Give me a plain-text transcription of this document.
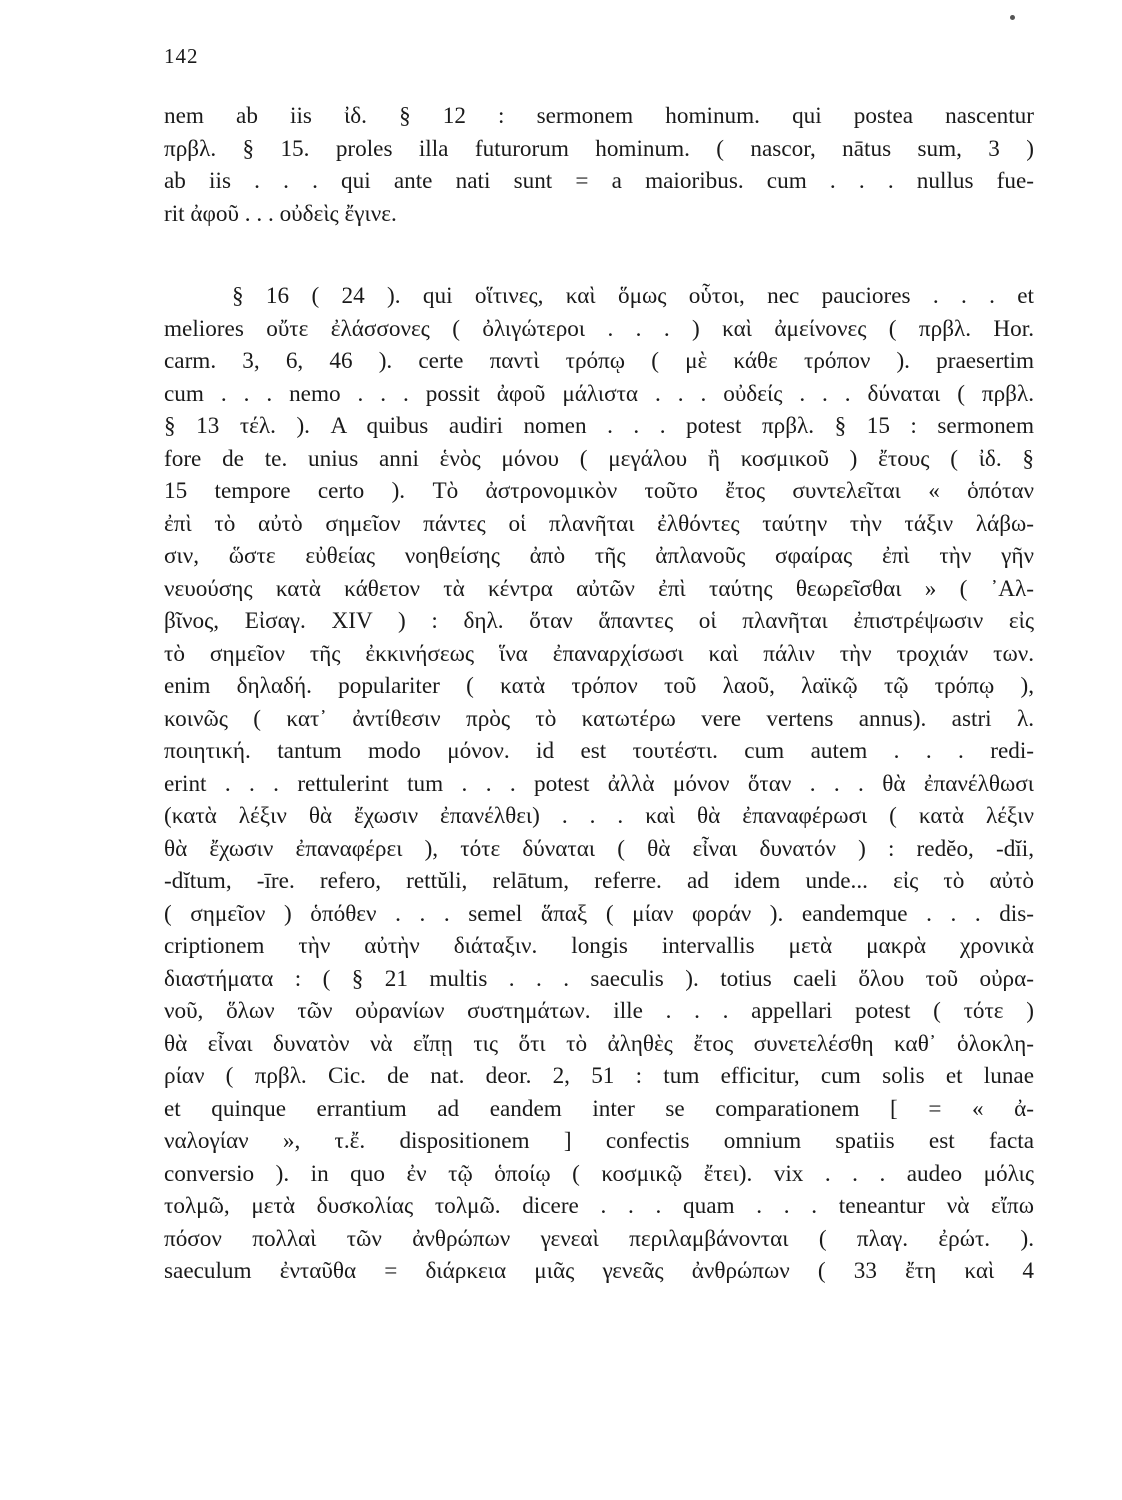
142
nem ab iis ἰδ. § 12 : sermonem hominum. qui postea nascentur
πρβλ. § 15. proles illa futurorum hominum. ( nascor, nātus sum, 3 )
ab iis . . . qui ante nati sunt = a maioribus. cum . . . nullus fue-
rit ἀφοῦ . . . οὐδεὶς ἔγινε.
§ 16 ( 24 ). qui οἵτινες, καὶ ὅμως οὗτοι, nec pauciores . . . et
meliores οὔτε ἐλάσσονες ( ὀλιγώτεροι . . . ) καὶ ἀμείνονες ( πρβλ. Hor.
carm. 3, 6, 46 ). certe παντὶ τρόπῳ ( μὲ κάθε τρόπον ). praesertim
cum . . . nemo . . . possit ἀφοῦ μάλιστα . . . οὐδείς . . . δύναται ( πρβλ.
§ 13 τέλ. ). A quibus audiri nomen . . . potest πρβλ. § 15 : sermonem
fore de te. unius anni ἑνὸς μόνου ( μεγάλου ἢ κοσμικοῦ ) ἔτους ( ἰδ. §
15 tempore certo ). Τὸ ἀστρονομικὸν τοῦτο ἔτος συντελεῖται « ὁπόταν
ἐπὶ τὸ αὐτὸ σημεῖον πάντες οἱ πλανῆται ἐλθόντες ταύτην τὴν τάξιν λάβω-
σιν, ὥστε εὐθείας νοηθείσης ἀπὸ τῆς ἀπλανοῦς σφαίρας ἐπὶ τὴν γῆν
νευούσης κατὰ κάθετον τὰ κέντρα αὐτῶν ἐπὶ ταύτης θεωρεῖσθαι » ( ᾿Αλ-
βῖνος, Εἰσαγ. XIV ) : δηλ. ὅταν ἅπαντες οἱ πλανῆται ἐπιστρέψωσιν εἰς
τὸ σημεῖον τῆς ἐκκινήσεως ἵνα ἐπαναρχίσωσι καὶ πάλιν τὴν τροχιάν των.
enim δηλαδή. populariter ( κατὰ τρόπον τοῦ λαοῦ, λαϊκῷ τῷ τρόπῳ ),
κοινῶς ( κατ᾿ ἀντίθεσιν πρὸς τὸ κατωτέρω vere vertens annus). astri λ.
ποιητική. tantum modo μόνον. id est τουτέστι. cum autem . . . redi-
erint . . . rettulerint tum . . . potest ἀλλὰ μόνον ὅταν . . . θὰ ἐπανέλθωσι
(κατὰ λέξιν θὰ ἔχωσιν ἐπανέλθει) . . . καὶ θὰ ἐπαναφέρωσι ( κατὰ λέξιν
θὰ ἔχωσιν ἐπαναφέρει ), τότε δύναται ( θὰ εἶναι δυνατόν ) : redĕo, -dĭi,
-dĭtum, -īre. refero, rettŭli, relātum, referre. ad idem unde... εἰς τὸ αὐτὸ
( σημεῖον ) ὁπόθεν . . . semel ἅπαξ ( μίαν φοράν ). eandemque . . . dis-
criptionem τὴν αὐτὴν διάταξιν. longis intervallis μετὰ μακρὰ χρονικὰ
διαστήματα : ( § 21 multis . . . saeculis ). totius caeli ὅλου τοῦ οὐρα-
νοῦ, ὅλων τῶν οὐρανίων συστημάτων. ille . . . appellari potest ( τότε )
θὰ εἶναι δυνατὸν νὰ εἴπῃ τις ὅτι τὸ ἀληθὲς ἔτος συνετελέσθη καθ᾿ ὁλοκλη-
ρίαν ( πρβλ. Cic. de nat. deor. 2, 51 : tum efficitur, cum solis et lunae
et quinque errantium ad eandem inter se comparationem [ = « ἀ-
ναλογίαν », τ.ἔ. dispositionem ] confectis omnium spatiis est facta
conversio ). in quo ἐν τῷ ὁποίῳ ( κοσμικῷ ἔτει). vix . . . audeo μόλις
τολμῶ, μετὰ δυσκολίας τολμῶ. dicere . . . quam . . . teneantur νὰ εἴπω
πόσον πολλαὶ τῶν ἀνθρώπων γενεαὶ περιλαμβάνονται ( πλαγ. ἐρώτ. ).
saeculum ἐνταῦθα = διάρκεια μιᾶς γενεᾶς ἀνθρώπων ( 33 ἔτη καὶ 4
